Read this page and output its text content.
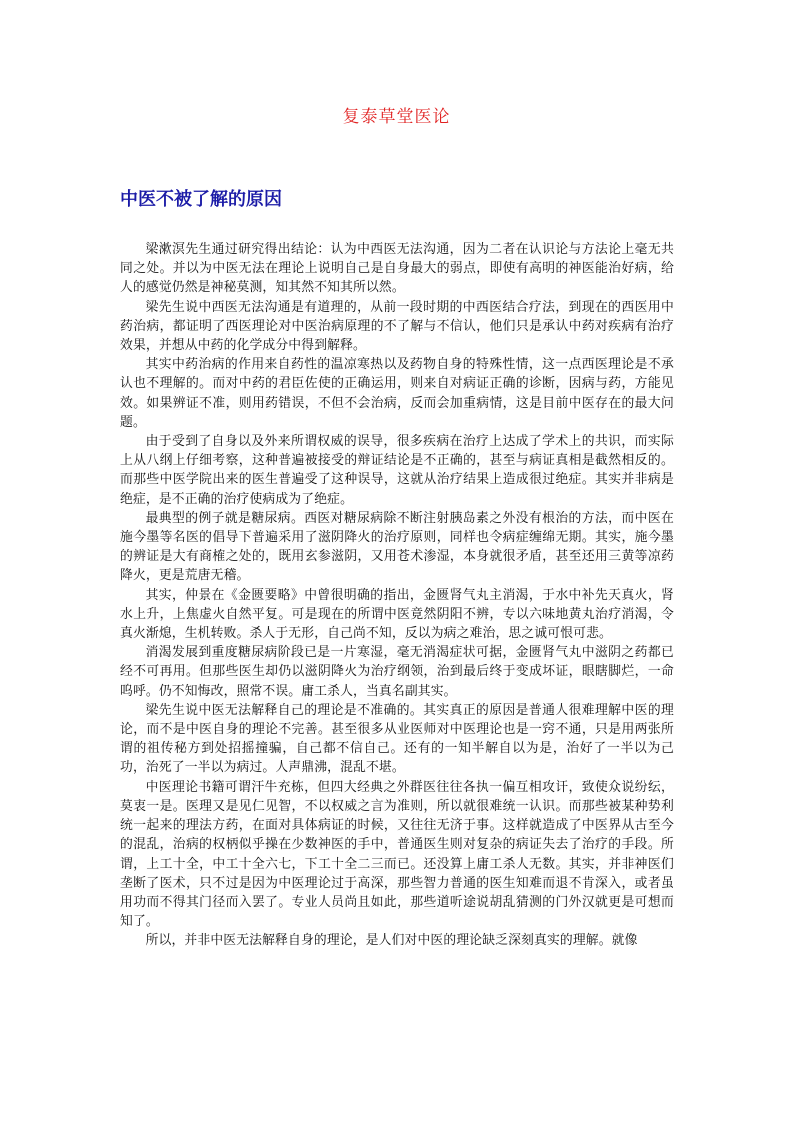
复泰草堂医论
中医不被了解的原因

梁漱溟先生通过研究得出结论：认为中西医无法沟通，因为二者在认识论与方法论上毫无共同之处。并以为中医无法在理论上说明自己是自身最大的弱点，即使有高明的神医能治好病，给人的感觉仍然是神秘莫测，知其然不知其所以然。

梁先生说中西医无法沟通是有道理的，从前一段时期的中西医结合疗法，到现在的西医用中药治病，都证明了西医理论对中医治病原理的不了解与不信认，他们只是承认中药对疾病有治疗效果，并想从中药的化学成分中得到解释。

其实中药治病的作用来自药性的温凉寒热以及药物自身的特殊性情，这一点西医理论是不承认也不理解的。而对中药的君臣佐使的正确运用，则来自对病证正确的诊断，因病与药，方能见效。如果辨证不准，则用药错误，不但不会治病，反而会加重病情，这是目前中医存在的最大问题。

由于受到了自身以及外来所谓权威的误导，很多疾病在治疗上达成了学术上的共识，而实际上从八纲上仔细考察，这种普遍被接受的辩证结论是不正确的，甚至与病证真相是截然相反的。而那些中医学院出来的医生普遍受了这种误导，这就从治疗结果上造成很过绝症。其实并非病是绝症，是不正确的治疗使病成为了绝症。

最典型的例子就是糖尿病。西医对糖尿病除不断注射胰岛素之外没有根治的方法，而中医在施今墨等名医的倡导下普遍采用了滋阴降火的治疗原则，同样也令病症缠绵无期。其实，施今墨的辨证是大有商榷之处的，既用玄参滋阴，又用苍术渗湿，本身就很矛盾，甚至还用三黄等凉药降火，更是荒唐无稽。

其实，仲景在《金匮要略》中曾很明确的指出，金匮肾气丸主消渴，于水中补先天真火，肾水上升，上焦虚火自然平复。可是现在的所谓中医竟然阴阳不辨，专以六味地黄丸治疗消渴，令真火渐熄，生机转败。杀人于无形，自己尚不知，反以为病之难治，思之诚可恨可悲。

消渴发展到重度糖尿病阶段已是一片寒湿，毫无消渴症状可据，金匮肾气丸中滋阴之药都已经不可再用。但那些医生却仍以滋阴降火为治疗纲领，治到最后终于变成坏证，眼瞎脚烂，一命呜呼。仍不知悔改，照常不误。庸工杀人，当真名副其实。

梁先生说中医无法解释自己的理论是不准确的。其实真正的原因是普通人很难理解中医的理论，而不是中医自身的理论不完善。甚至很多从业医师对中医理论也是一窍不通，只是用两张所谓的祖传秘方到处招摇撞骗，自己都不信自己。还有的一知半解自以为是，治好了一半以为己功，治死了一半以为病过。人声鼎沸，混乱不堪。

中医理论书籍可谓汗牛充栋，但四大经典之外群医往往各执一偏互相攻讦，致使众说纷纭，莫衷一是。医理又是见仁见智，不以权威之言为准则，所以就很难统一认识。而那些被某种势利统一起来的理法方药，在面对具体病证的时候，又往往无济于事。这样就造成了中医界从古至今的混乱，治病的权柄似乎操在少数神医的手中，普通医生则对复杂的病证失去了治疗的手段。所谓，上工十全，中工十全六七，下工十全二三而已。还没算上庸工杀人无数。其实，并非神医们垄断了医术，只不过是因为中医理论过于高深，那些智力普通的医生知难而退不肯深入，或者虽用功而不得其门径而入罢了。专业人员尚且如此，那些道听途说胡乱猜测的门外汉就更是可想而知了。

所以，并非中医无法解释自身的理论，是人们对中医的理论缺乏深刻真实的理解。就像
